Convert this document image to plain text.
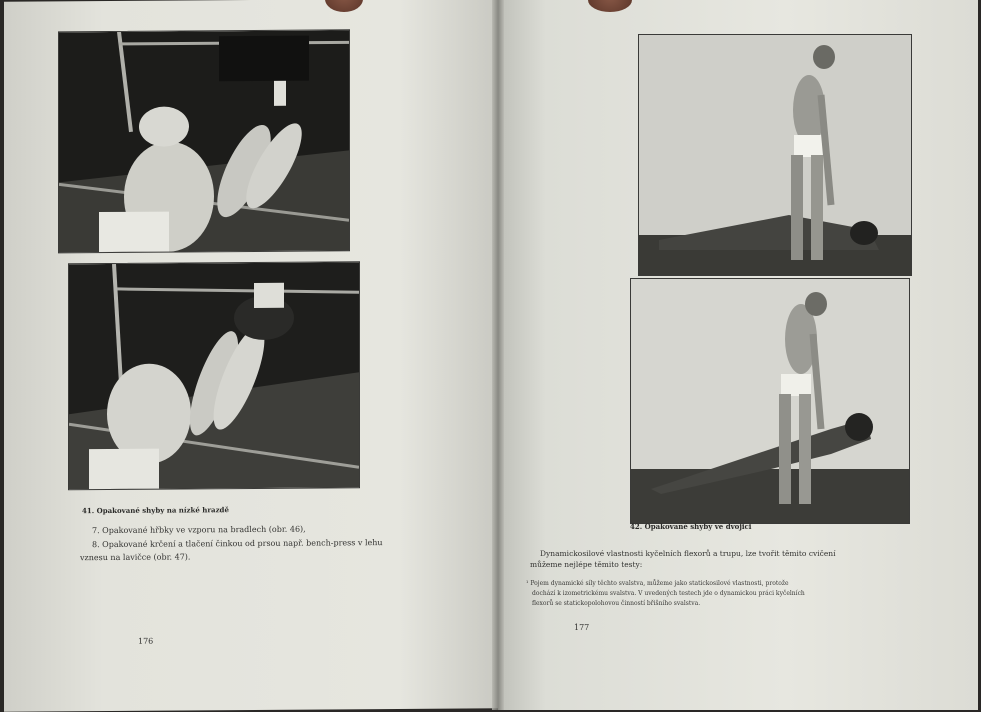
41. Opakované shyby na nízké hrazdě
7. Opakované hřbky ve vzporu na bradlech (obr. 46),
8. Opakované krčení a tlačení činkou od prsou např. bench-press v lehu
vznesu na lavičce (obr. 47).
176
42. Opakované shyby ve dvojici
Dynamickosilové vlastnosti kyčelních flexorů a trupu, lze tvořit těmito cvičení
můžeme nejlépe těmito testy:
¹ Pojem dynamické síly těchto svalstva, můžeme jako statickosilové vlastnosti, protože
dochází k izometrickému svalstva. V uvedených testech jde o dynamickou práci kyčelních
flexorů se statickopolohovou činností břišního svalstva.
177
